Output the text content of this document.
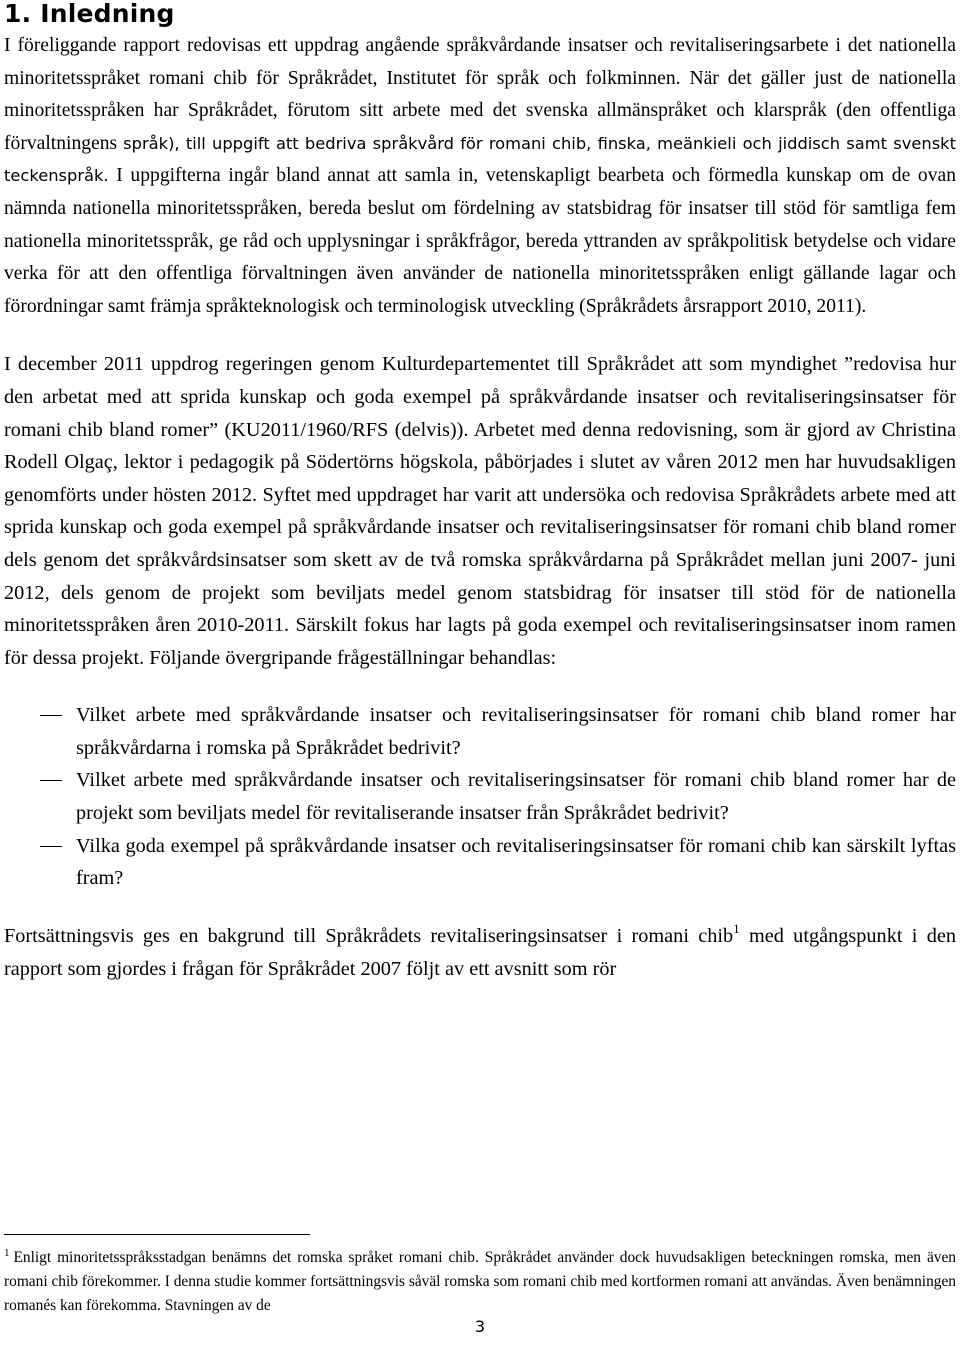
1. Inledning

I föreliggande rapport redovisas ett uppdrag angående språkvårdande insatser och revitaliseringsarbete i det nationella minoritetsspråket romani chib för Språkrådet, Institutet för språk och folkminnen. När det gäller just de nationella minoritetsspråken har Språkrådet, förutom sitt arbete med det svenska allmänspråket och klarspråk (den offentliga förvaltningens språk), till uppgift att bedriva språkvård för romani chib, finska, meänkieli och jiddisch samt svenskt teckenspråk. I uppgifterna ingår bland annat att samla in, vetenskapligt bearbeta och förmedla kunskap om de ovan nämnda nationella minoritetsspråken, bereda beslut om fördelning av statsbidrag för insatser till stöd för samtliga fem nationella minoritetsspråk, ge råd och upplysningar i språkfrågor, bereda yttranden av språkpolitisk betydelse och vidare verka för att den offentliga förvaltningen även använder de nationella minoritetsspråken enligt gällande lagar och förordningar samt främja språkteknologisk och terminologisk utveckling (Språkrådets årsrapport 2010, 2011).

I december 2011 uppdrog regeringen genom Kulturdepartementet till Språkrådet att som myndighet ”redovisa hur den arbetat med att sprida kunskap och goda exempel på språkvårdande insatser och revitaliseringsinsatser för romani chib bland romer” (KU2011/1960/RFS (delvis)). Arbetet med denna redovisning, som är gjord av Christina Rodell Olgaç, lektor i pedagogik på Södertörns högskola, påbörjades i slutet av våren 2012 men har huvudsakligen genomförts under hösten 2012. Syftet med uppdraget har varit att undersöka och redovisa Språkrådets arbete med att sprida kunskap och goda exempel på språkvårdande insatser och revitaliseringsinsatser för romani chib bland romer dels genom det språkvårdsinsatser som skett av de två romska språkvårdarna på Språkrådet mellan juni 2007- juni 2012, dels genom de projekt som beviljats medel genom statsbidrag för insatser till stöd för de nationella minoritetsspråken åren 2010-2011. Särskilt fokus har lagts på goda exempel och revitaliseringsinsatser inom ramen för dessa projekt. Följande övergripande frågeställningar behandlas:

Vilket arbete med språkvårdande insatser och revitaliseringsinsatser för romani chib bland romer har språkvårdarna i romska på Språkrådet bedrivit?
Vilket arbete med språkvårdande insatser och revitaliseringsinsatser för romani chib bland romer har de projekt som beviljats medel för revitaliserande insatser från Språkrådet bedrivit?
Vilka goda exempel på språkvårdande insatser och revitaliseringsinsatser för romani chib kan särskilt lyftas fram?

Fortsättningsvis ges en bakgrund till Språkrådets revitaliseringsinsatser i romani chib$^1$ med utgångspunkt i den rapport som gjordes i frågan för Språkrådet 2007 följt av ett avsnitt som rör

$^1$ Enligt minoritetsspråksstadgan benämns det romska språket romani chib. Språkrådet använder dock huvudsakligen beteckningen romska, men även romani chib förekommer. I denna studie kommer fortsättningsvis såväl romska som romani chib med kortformen romani att användas. Även benämningen romanés kan förekomma. Stavningen av de

3
